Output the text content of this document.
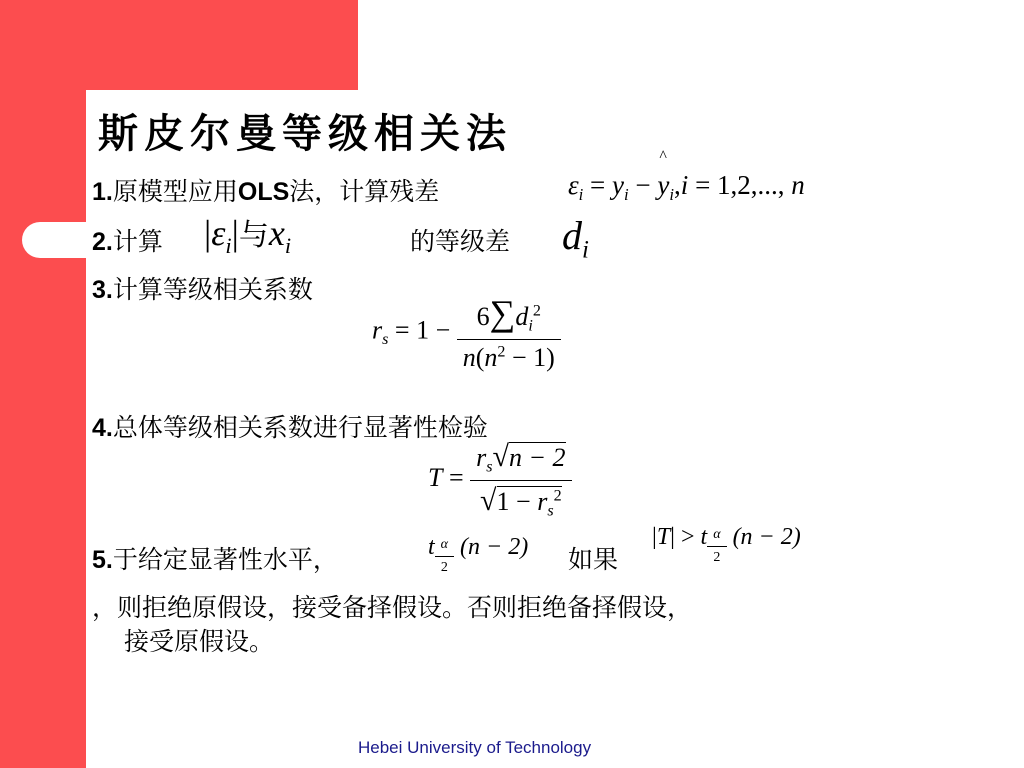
斯皮尔曼等级相关法
1.原模型应用OLS法，计算残差	$\varepsilon_i = y_i$ −
^
$y_i,i = 1,2$,..., n
2.计算 $|\varepsilon_i|$与$x_i$	的等级差 $d_i$
3.计算等级相关系数
$r_s = 1 - \frac{6\sum d_i^2}{n(n^2 - 1)}$
4.总体等级相关系数进行显著性检验
$T = \frac{r_s√n - 2}{√1 - r_s^2}$
5.于给定显著性水平，	t $\frac{\alpha}{2} (n - 2)$ 如果
|T| > t $\frac{\alpha}{2} (n - 2)$
，则拒绝原假设，接受备择假设。否则拒绝备择假设，
接受原假设。
Hebei University of Technology
